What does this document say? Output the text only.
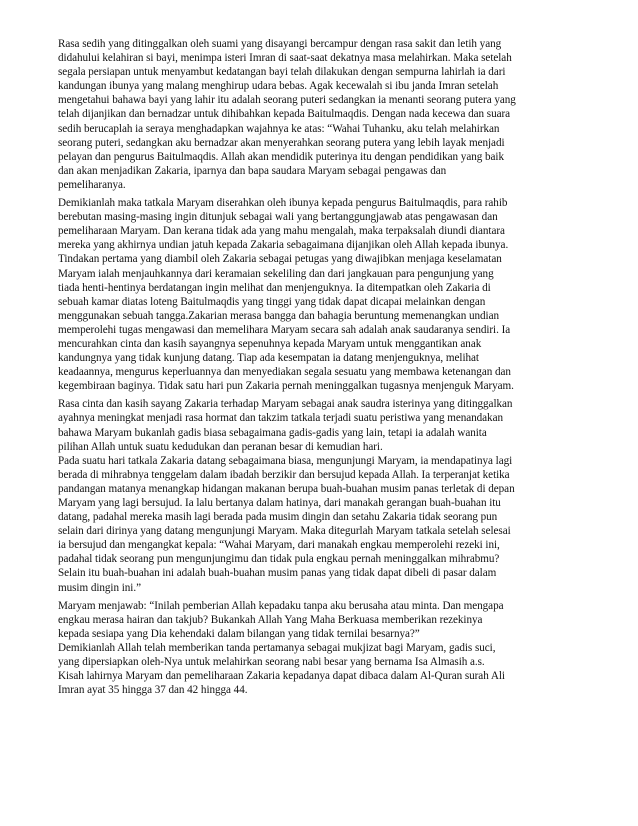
Rasa sedih yang ditinggalkan oleh suami yang disayangi bercampur dengan rasa sakit dan letih yang
didahului kelahiran si bayi, menimpa isteri Imran di saat-saat dekatnya masa melahirkan. Maka setelah
segala persiapan untuk menyambut kedatangan bayi telah dilakukan dengan sempurna lahirlah ia dari
kandungan ibunya yang malang menghirup udara bebas. Agak kecewalah si ibu janda Imran setelah
mengetahui bahawa bayi yang lahir itu adalah seorang puteri sedangkan ia menanti seorang putera yang
telah dijanjikan dan bernadzar untuk dihibahkan kepada Baitulmaqdis. Dengan nada kecewa dan suara
sedih berucaplah ia seraya menghadapkan wajahnya ke atas: “Wahai Tuhanku, aku telah melahirkan
seorang puteri, sedangkan aku bernadzar akan menyerahkan seorang putera yang lebih layak menjadi
pelayan dan pengurus Baitulmaqdis. Allah akan mendidik puterinya itu dengan pendidikan yang baik
dan akan menjadikan Zakaria, iparnya dan bapa saudara Maryam sebagai pengawas dan
pemeliharanya.
Demikianlah maka tatkala Maryam diserahkan oleh ibunya kepada pengurus Baitulmaqdis, para rahib
berebutan masing-masing ingin ditunjuk sebagai wali yang bertanggungjawab atas pengawasan dan
pemeliharaan Maryam. Dan kerana tidak ada yang mahu mengalah, maka terpaksalah diundi diantara
mereka yang akhirnya undian jatuh kepada Zakaria sebagaimana dijanjikan oleh Allah kepada ibunya.
Tindakan pertama yang diambil oleh Zakaria sebagai petugas yang diwajibkan menjaga keselamatan
Maryam ialah menjauhkannya dari keramaian sekeliling dan dari jangkauan para pengunjung yang
tiada henti-hentinya berdatangan ingin melihat dan menjenguknya. Ia ditempatkan oleh Zakaria di
sebuah kamar diatas loteng Baitulmaqdis yang tinggi yang tidak dapat dicapai melainkan dengan
menggunakan sebuah tangga.Zakarian merasa bangga dan bahagia beruntung memenangkan undian
memperolehi tugas mengawasi dan memelihara Maryam secara sah adalah anak saudaranya sendiri. Ia
mencurahkan cinta dan kasih sayangnya sepenuhnya kepada Maryam untuk menggantikan anak
kandungnya yang tidak kunjung datang. Tiap ada kesempatan ia datang menjenguknya, melihat
keadaannya, mengurus keperluannya dan menyediakan segala sesuatu yang membawa ketenangan dan
kegembiraan baginya. Tidak satu hari pun Zakaria pernah meninggalkan tugasnya menjenguk Maryam.
Rasa cinta dan kasih sayang Zakaria terhadap Maryam sebagai anak saudra isterinya yang ditinggalkan
ayahnya meningkat menjadi rasa hormat dan takzim tatkala terjadi suatu peristiwa yang menandakan
bahawa Maryam bukanlah gadis biasa sebagaimana gadis-gadis yang lain, tetapi ia adalah wanita
pilihan Allah untuk suatu kedudukan dan peranan besar di kemudian hari.
Pada suatu hari tatkala Zakaria datang sebagaimana biasa, mengunjungi Maryam, ia mendapatinya lagi
berada di mihrabnya tenggelam dalam ibadah berzikir dan bersujud kepada Allah. Ia terperanjat ketika
pandangan matanya menangkap hidangan makanan berupa buah-buahan musim panas terletak di depan
Maryam yang lagi bersujud. Ia lalu bertanya dalam hatinya, dari manakah gerangan buah-buahan itu
datang, padahal mereka masih lagi berada pada musim dingin dan setahu Zakaria tidak seorang pun
selain dari dirinya yang datang mengunjungi Maryam. Maka ditegurlah Maryam tatkala setelah selesai
ia bersujud dan mengangkat kepala: “Wahai Maryam, dari manakah engkau memperolehi rezeki ini,
padahal tidak seorang pun mengunjungimu dan tidak pula engkau pernah meninggalkan mihrabmu?
Selain itu buah-buahan ini adalah buah-buahan musim panas yang tidak dapat dibeli di pasar dalam
musim dingin ini.”
Maryam menjawab: “Inilah pemberian Allah kepadaku tanpa aku berusaha atau minta. Dan mengapa
engkau merasa hairan dan takjub? Bukankah Allah Yang Maha Berkuasa memberikan rezekinya
kepada sesiapa yang Dia kehendaki dalam bilangan yang tidak ternilai besarnya?”
Demikianlah Allah telah memberikan tanda pertamanya sebagai mukjizat bagi Maryam, gadis suci,
yang dipersiapkan oleh-Nya untuk melahirkan seorang nabi besar yang bernama Isa Almasih a.s.
Kisah lahirnya Maryam dan pemeliharaan Zakaria kepadanya dapat dibaca dalam Al-Quran surah Ali
Imran ayat 35 hingga 37 dan 42 hingga 44.
